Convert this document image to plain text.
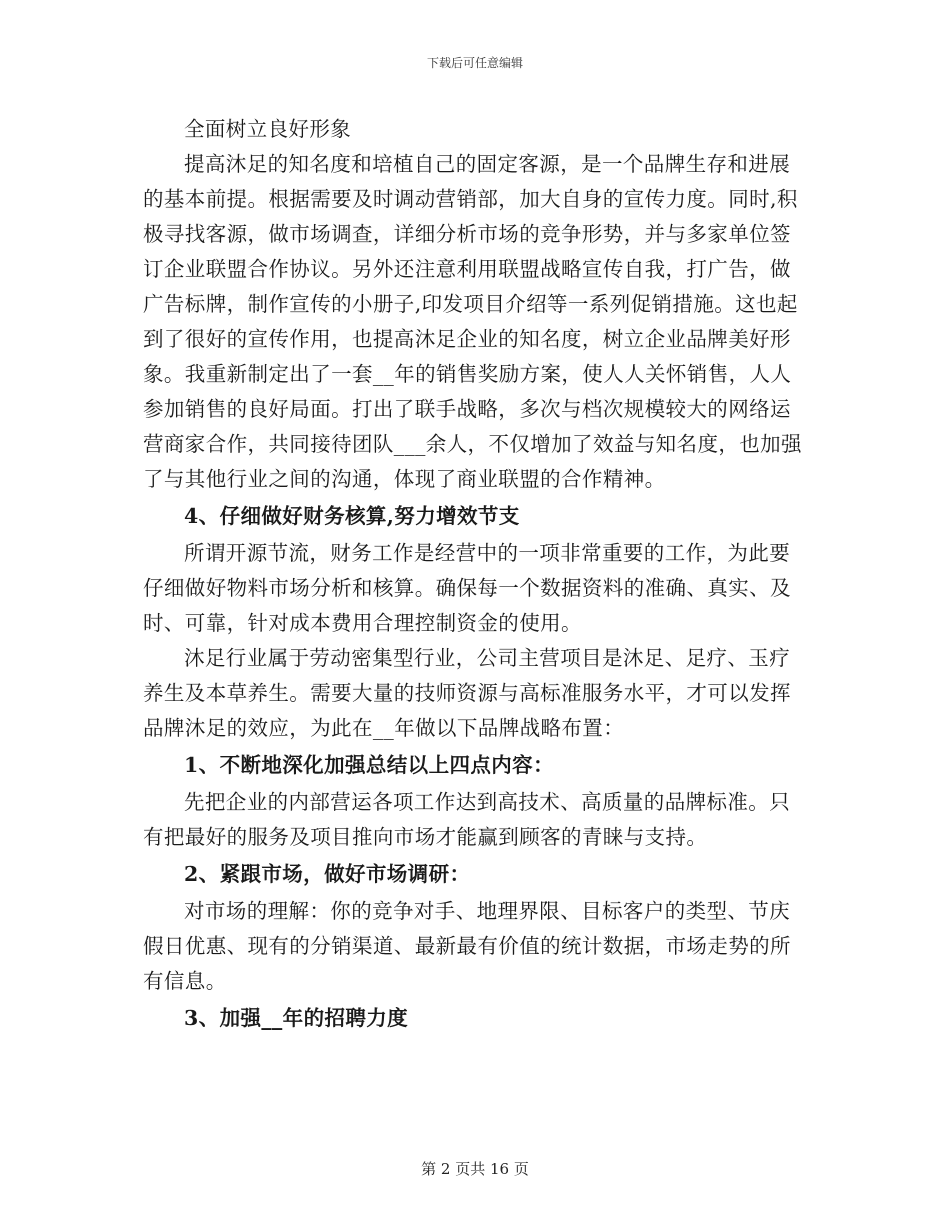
下载后可任意编辑

全面树立良好形象

提高沐足的知名度和培植自己的固定客源，是一个品牌生存和进展的基本前提。根据需要及时调动营销部，加大自身的宣传力度。同时,积极寻找客源，做市场调查，详细分析市场的竞争形势，并与多家单位签订企业联盟合作协议。另外还注意利用联盟战略宣传自我，打广告，做广告标牌，制作宣传的小册子,印发项目介绍等一系列促销措施。这也起到了很好的宣传作用，也提高沐足企业的知名度，树立企业品牌美好形象。我重新制定出了一套__年的销售奖励方案，使人人关怀销售，人人参加销售的良好局面。打出了联手战略，多次与档次规模较大的网络运营商家合作，共同接待团队___余人，不仅增加了效益与知名度，也加强了与其他行业之间的沟通，体现了商业联盟的合作精神。

4、仔细做好财务核算,努力增效节支

所谓开源节流，财务工作是经营中的一项非常重要的工作，为此要仔细做好物料市场分析和核算。确保每一个数据资料的准确、真实、及时、可靠，针对成本费用合理控制资金的使用。

沐足行业属于劳动密集型行业，公司主营项目是沐足、足疗、玉疗养生及本草养生。需要大量的技师资源与高标准服务水平，才可以发挥品牌沐足的效应，为此在__年做以下品牌战略布置：

1、不断地深化加强总结以上四点内容：

先把企业的内部营运各项工作达到高技术、高质量的品牌标准。只有把最好的服务及项目推向市场才能赢到顾客的青睐与支持。

2、紧跟市场，做好市场调研：

对市场的理解：你的竞争对手、地理界限、目标客户的类型、节庆假日优惠、现有的分销渠道、最新最有价值的统计数据，市场走势的所有信息。

3、加强__年的招聘力度

第 2 页共 16 页
